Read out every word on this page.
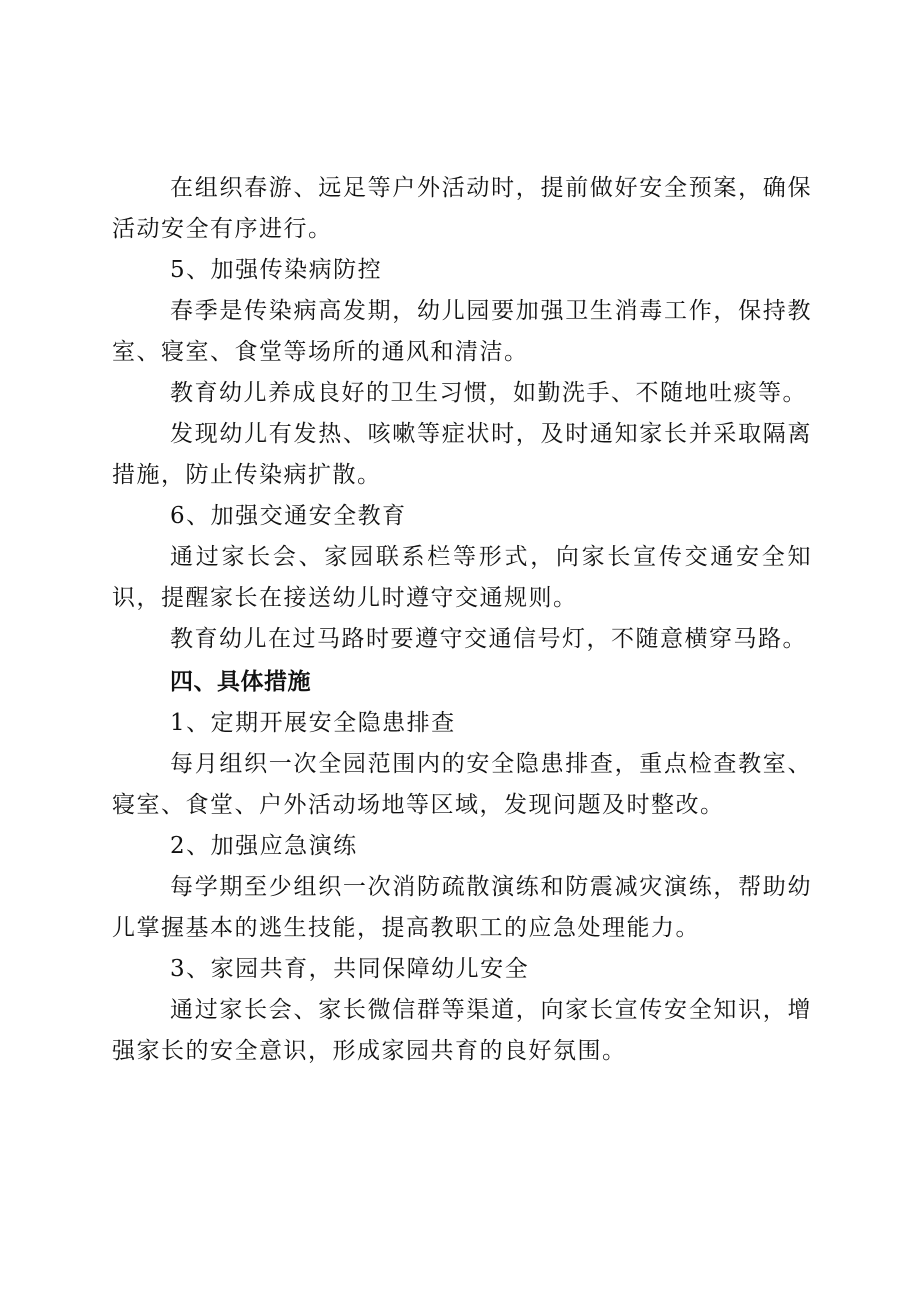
在组织春游、远足等户外活动时，提前做好安全预案，确保活动安全有序进行。

5、加强传染病防控

春季是传染病高发期，幼儿园要加强卫生消毒工作，保持教室、寝室、食堂等场所的通风和清洁。

教育幼儿养成良好的卫生习惯，如勤洗手、不随地吐痰等。

发现幼儿有发热、咳嗽等症状时，及时通知家长并采取隔离措施，防止传染病扩散。

6、加强交通安全教育

通过家长会、家园联系栏等形式，向家长宣传交通安全知识，提醒家长在接送幼儿时遵守交通规则。

教育幼儿在过马路时要遵守交通信号灯，不随意横穿马路。

四、具体措施

1、定期开展安全隐患排查

每月组织一次全园范围内的安全隐患排查，重点检查教室、寝室、食堂、户外活动场地等区域，发现问题及时整改。

2、加强应急演练

每学期至少组织一次消防疏散演练和防震减灾演练，帮助幼儿掌握基本的逃生技能，提高教职工的应急处理能力。

3、家园共育，共同保障幼儿安全

通过家长会、家长微信群等渠道，向家长宣传安全知识，增强家长的安全意识，形成家园共育的良好氛围。
